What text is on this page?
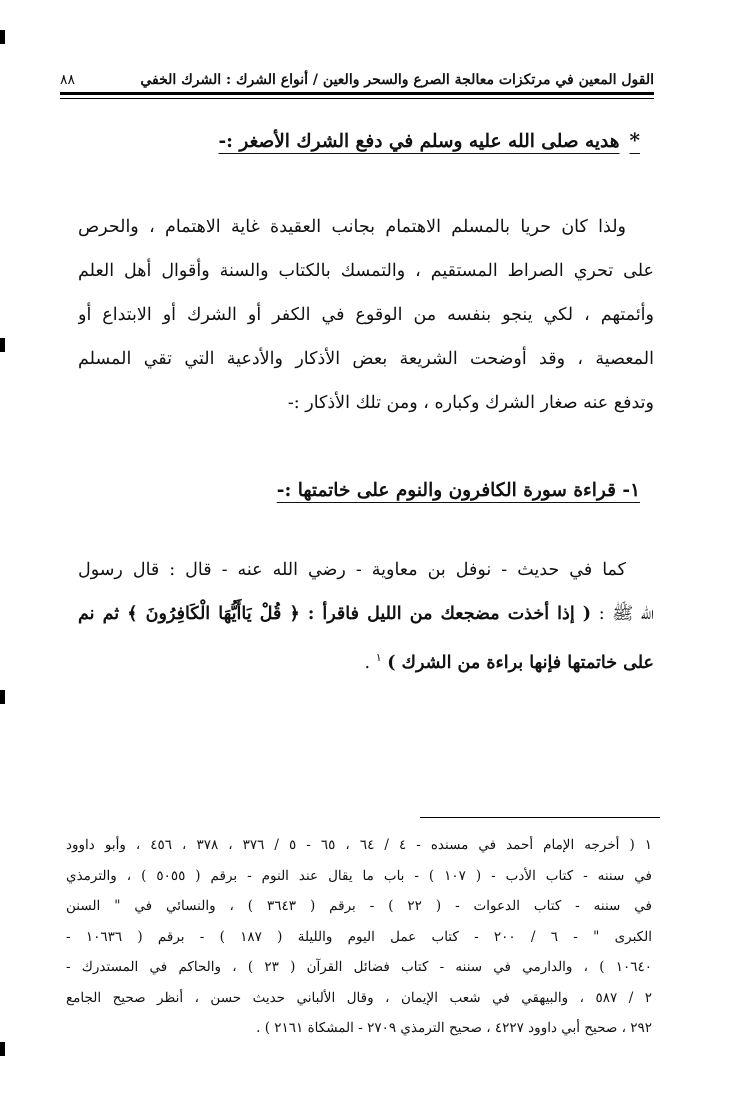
القول المعين في مرتكزات معالجة الصرع والسحر والعين / أنواع الشرك : الشرك الخفي
٨٨
*هديه صلى الله عليه وسلم في دفع الشرك الأصغر :-
ولذا كان حريا بالمسلم الاهتمام بجانب العقيدة غاية الاهتمام ، والحرص
على تحري الصراط المستقيم ، والتمسك بالكتاب والسنة وأقوال أهل العلم
وأئمتهم ، لكي ينجو بنفسه من الوقوع في الكفر أو الشرك أو الابتداع أو
المعصية ، وقد أوضحت الشريعة بعض الأذكار والأدعية التي تقي المسلم
وتدفع عنه صغار الشرك وكباره ، ومن تلك الأذكار :-
١- قراءة سورة الكافرون والنوم على خاتمتها :-
كما في حديث - نوفل بن معاوية - رضي الله عنه - قال : قال رسول
الله ﷺ : ( إذا أخذت مضجعك من الليل فاقرأ : ﴿ قُلْ يَاأَيُّهَا الْكَافِرُونَ ﴾ ثم نم
على خاتمتها فإنها براءة من الشرك ) $^١$ .
١ ( أخرجه الإمام أحمد في مسنده - ٤ / ٦٤ ، ٦٥ - ٥ / ٣٧٦ ، ٣٧٨ ، ٤٥٦ ، وأبو داوود
في سننه - كتاب الأدب - ( ١٠٧ ) - باب ما يقال عند النوم - برقم ( ٥٠٥٥ ) ، والترمذي
في سننه - كتاب الدعوات - ( ٢٢ ) - برقم ( ٣٦٤٣ ) ، والنسائي في " السنن
الكبرى " - ٦ / ٢٠٠ - كتاب عمل اليوم والليلة ( ١٨٧ ) - برقم ( ١٠٦٣٦ -
١٠٦٤٠ ) ، والدارمي في سننه - كتاب فضائل القرآن ( ٢٣ ) ، والحاكم في المستدرك -
٢ / ٥٨٧ ، والبيهقي في شعب الإيمان ، وقال الألباني حديث حسن ، أنظر صحيح الجامع
٢٩٢ ، صحيح أبي داوود ٤٢٢٧ ، صحيح الترمذي ٢٧٠٩ - المشكاة ٢١٦١ ) .
